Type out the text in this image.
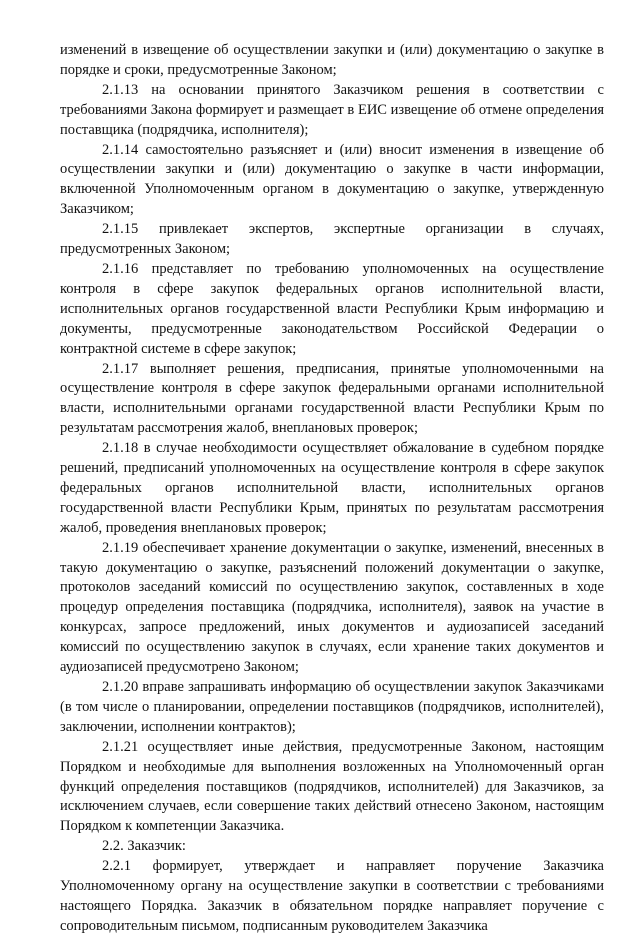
изменений в извещение об осуществлении закупки и (или) документацию о закупке в порядке и сроки, предусмотренные Законом;

2.1.13 на основании принятого Заказчиком решения в соответствии с требованиями Закона формирует и размещает в ЕИС извещение об отмене определения поставщика (подрядчика, исполнителя);

2.1.14 самостоятельно разъясняет и (или) вносит изменения в извещение об осуществлении закупки и (или) документацию о закупке в части информации, включенной Уполномоченным органом в документацию о закупке, утвержденную Заказчиком;

2.1.15 привлекает экспертов, экспертные организации в случаях, предусмотренных Законом;

2.1.16 представляет по требованию уполномоченных на осуществление контроля в сфере закупок федеральных органов исполнительной власти, исполнительных органов государственной власти Республики Крым информацию и документы, предусмотренные законодательством Российской Федерации о контрактной системе в сфере закупок;

2.1.17 выполняет решения, предписания, принятые уполномоченными на осуществление контроля в сфере закупок федеральными органами исполнительной власти, исполнительными органами государственной власти Республики Крым по результатам рассмотрения жалоб, внеплановых проверок;

2.1.18 в случае необходимости осуществляет обжалование в судебном порядке решений, предписаний уполномоченных на осуществление контроля в сфере закупок федеральных органов исполнительной власти, исполнительных органов государственной власти Республики Крым, принятых по результатам рассмотрения жалоб, проведения внеплановых проверок;

2.1.19 обеспечивает хранение документации о закупке, изменений, внесенных в такую документацию о закупке, разъяснений положений документации о закупке, протоколов заседаний комиссий по осуществлению закупок, составленных в ходе процедур определения поставщика (подрядчика, исполнителя), заявок на участие в конкурсах, запросе предложений, иных документов и аудиозаписей заседаний комиссий по осуществлению закупок в случаях, если хранение таких документов и аудиозаписей предусмотрено Законом;

2.1.20 вправе запрашивать информацию об осуществлении закупок Заказчиками (в том числе о планировании, определении поставщиков (подрядчиков, исполнителей), заключении, исполнении контрактов);

2.1.21 осуществляет иные действия, предусмотренные Законом, настоящим Порядком и необходимые для выполнения возложенных на Уполномоченный орган функций определения поставщиков (подрядчиков, исполнителей) для Заказчиков, за исключением случаев, если совершение таких действий отнесено Законом, настоящим Порядком к компетенции Заказчика.

2.2. Заказчик:

2.2.1 формирует, утверждает и направляет поручение Заказчика Уполномоченному органу на осуществление закупки в соответствии с требованиями настоящего Порядка. Заказчик в обязательном порядке направляет поручение с сопроводительным письмом, подписанным руководителем Заказчика
